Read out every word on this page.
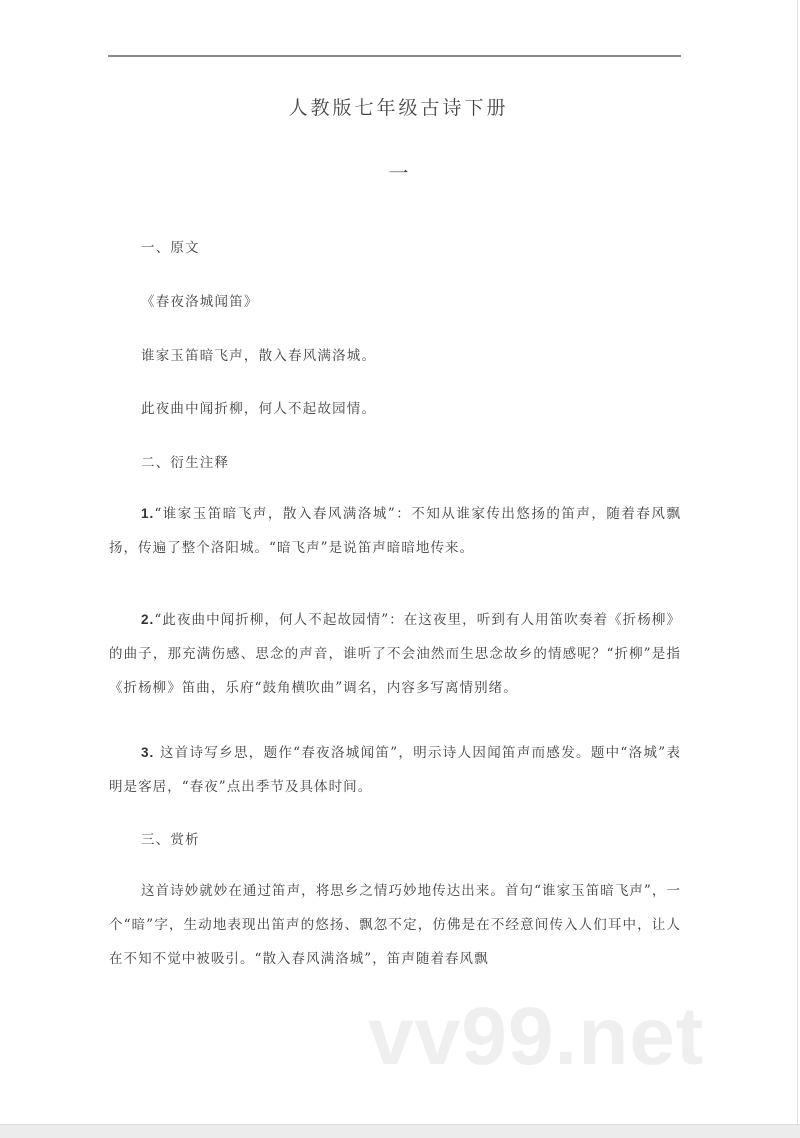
人教版七年级古诗下册
一
一、原文
《春夜洛城闻笛》
谁家玉笛暗飞声，散入春风满洛城。
此夜曲中闻折柳，何人不起故园情。
二、衍生注释
1.“谁家玉笛暗飞声，散入春风满洛城”：不知从谁家传出悠扬的笛声，随着春风飘扬，传遍了整个洛阳城。“暗飞声”是说笛声暗暗地传来。
2.“此夜曲中闻折柳，何人不起故园情”：在这夜里，听到有人用笛吹奏着《折杨柳》的曲子，那充满伤感、思念的声音，谁听了不会油然而生思念故乡的情感呢？“折柳”是指《折杨柳》笛曲，乐府“鼓角横吹曲”调名，内容多写离情别绪。
3. 这首诗写乡思，题作“春夜洛城闻笛”，明示诗人因闻笛声而感发。题中“洛城”表明是客居，“春夜”点出季节及具体时间。
三、赏析
这首诗妙就妙在通过笛声，将思乡之情巧妙地传达出来。首句“谁家玉笛暗飞声”，一个“暗”字，生动地表现出笛声的悠扬、飘忽不定，仿佛是在不经意间传入人们耳中，让人在不知不觉中被吸引。“散入春风满洛城”，笛声随着春风飘
vv99.net
